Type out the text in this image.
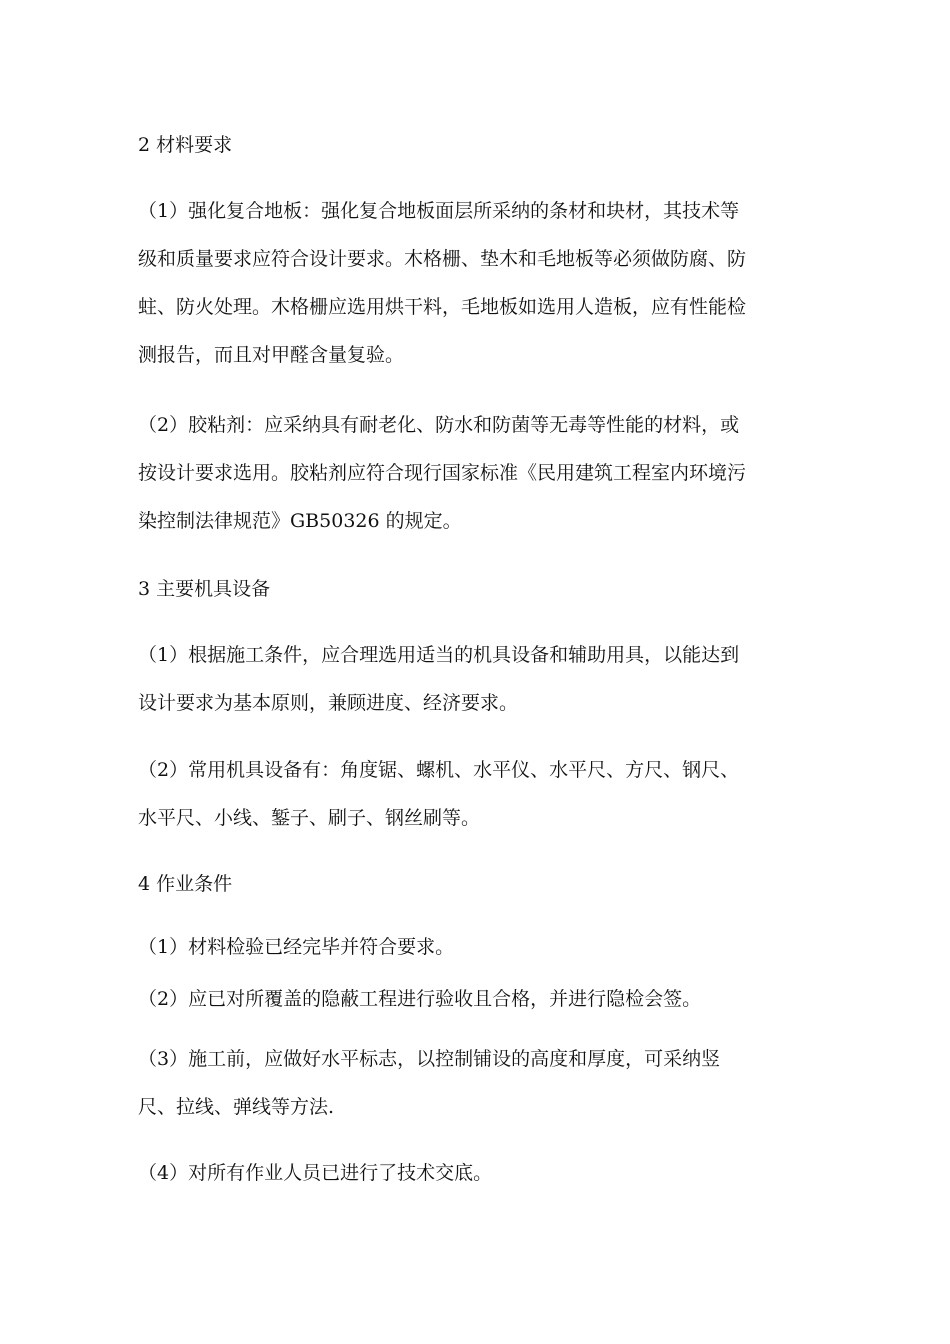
2 材料要求
（1）强化复合地板：强化复合地板面层所采纳的条材和块材，其技术等
级和质量要求应符合设计要求。木格栅、垫木和毛地板等必须做防腐、防
蛀、防火处理。木格栅应选用烘干料，毛地板如选用人造板，应有性能检
测报告，而且对甲醛含量复验。
（2）胶粘剂：应采纳具有耐老化、防水和防菌等无毒等性能的材料，或
按设计要求选用。胶粘剂应符合现行国家标准《民用建筑工程室内环境污
染控制法律规范》GB50326 的规定。
3 主要机具设备
（1）根据施工条件，应合理选用适当的机具设备和辅助用具，以能达到
设计要求为基本原则，兼顾进度、经济要求。
（2）常用机具设备有：角度锯、螺机、水平仪、水平尺、方尺、钢尺、
水平尺、小线、錾子、刷子、钢丝刷等。
4 作业条件
（1）材料检验已经完毕并符合要求。
（2）应已对所覆盖的隐蔽工程进行验收且合格，并进行隐检会签。
（3）施工前，应做好水平标志，以控制铺设的高度和厚度，可采纳竖
尺、拉线、弹线等方法.
（4）对所有作业人员已进行了技术交底。
